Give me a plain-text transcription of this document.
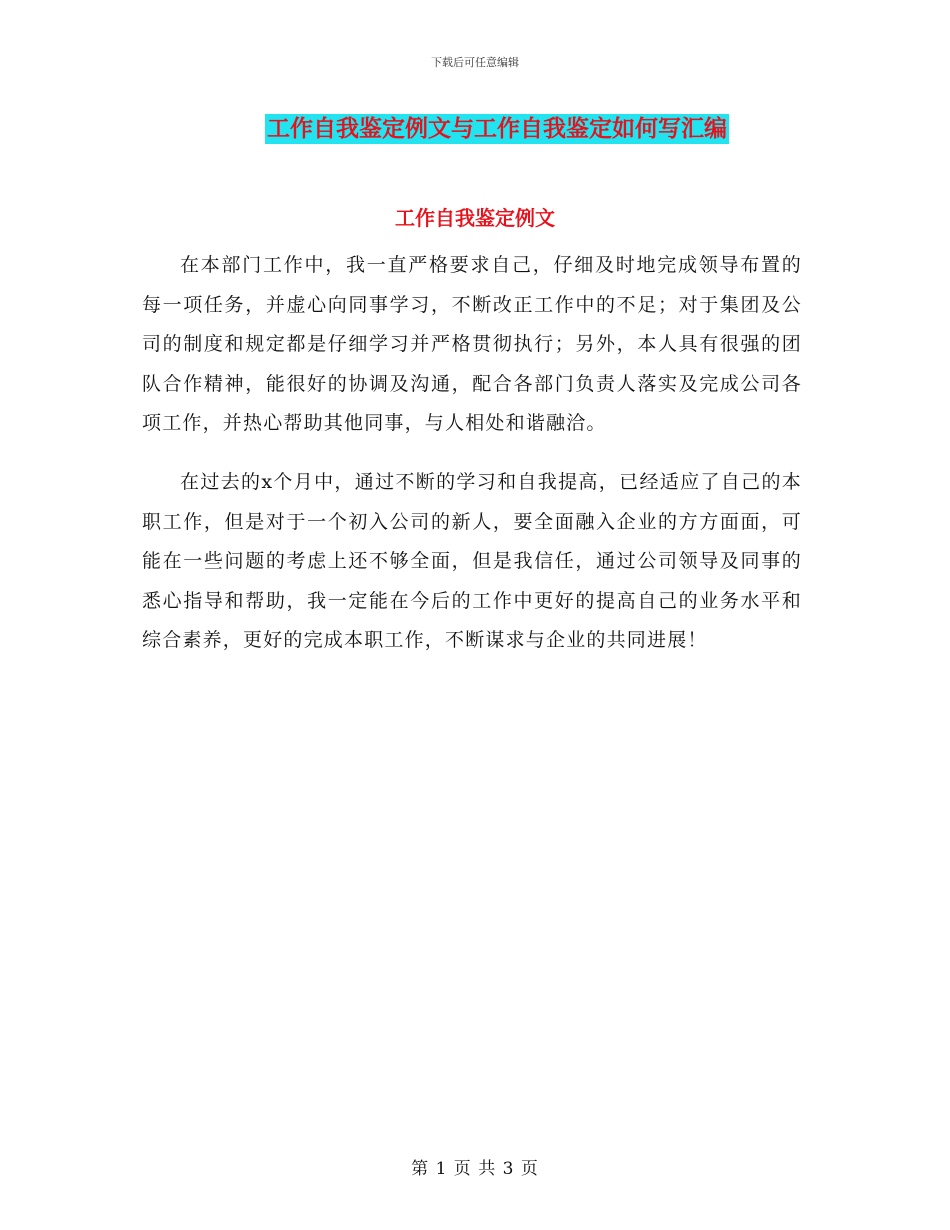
下载后可任意编辑
工作自我鉴定例文与工作自我鉴定如何写汇编
工作自我鉴定例文

在本部门工作中，我一直严格要求自己，仔细及时地完成领导布置的每一项任务，并虚心向同事学习，不断改正工作中的不足；对于集团及公司的制度和规定都是仔细学习并严格贯彻执行；另外，本人具有很强的团队合作精神，能很好的协调及沟通，配合各部门负责人落实及完成公司各项工作，并热心帮助其他同事，与人相处和谐融洽。

在过去的x个月中，通过不断的学习和自我提高，已经适应了自己的本职工作，但是对于一个初入公司的新人，要全面融入企业的方方面面，可能在一些问题的考虑上还不够全面，但是我信任，通过公司领导及同事的悉心指导和帮助，我一定能在今后的工作中更好的提高自己的业务水平和综合素养，更好的完成本职工作，不断谋求与企业的共同进展！

第 1 页 共 3 页
